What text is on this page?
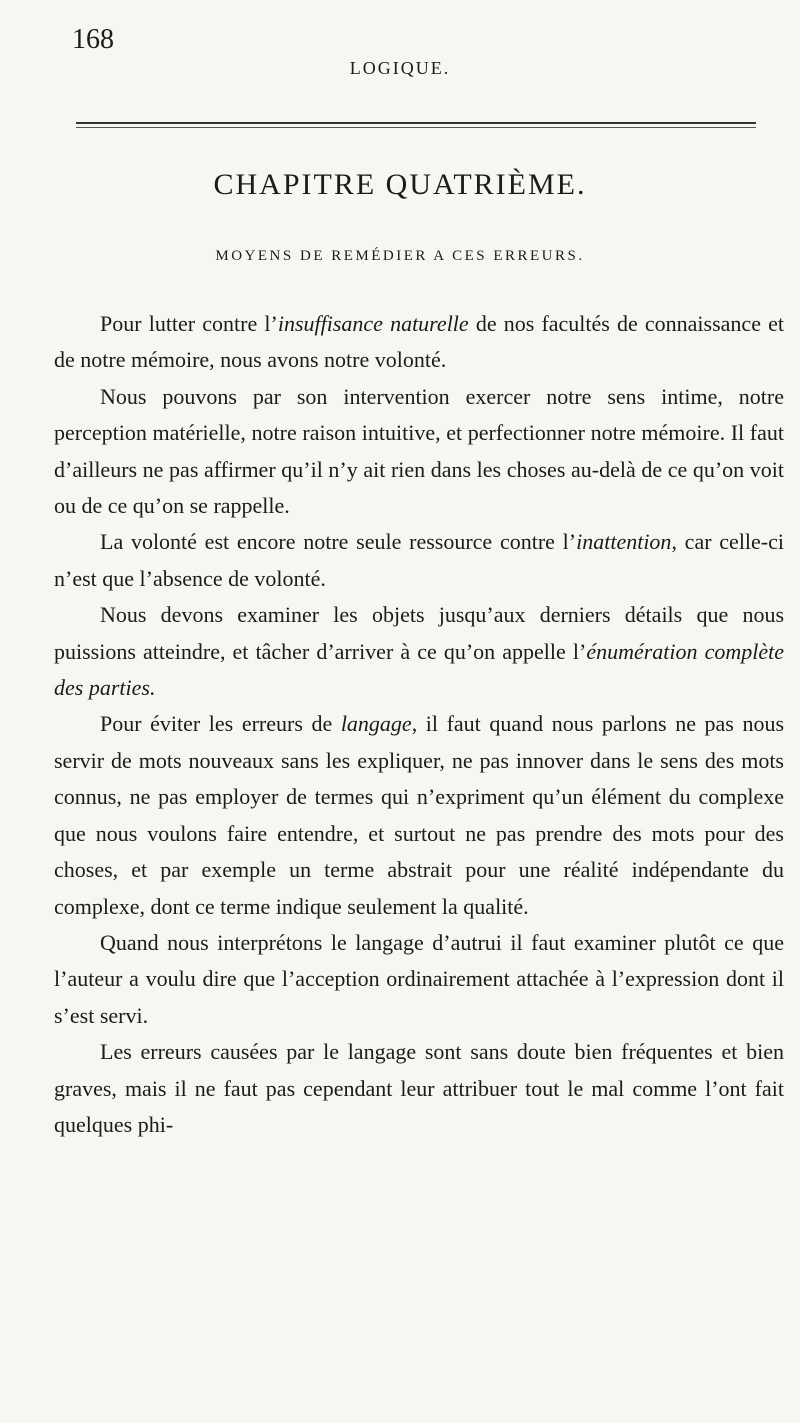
168
LOGIQUE.
CHAPITRE QUATRIÈME.
MOYENS DE REMÉDIER A CES ERREURS.

Pour lutter contre l’insuffisance naturelle de nos facultés de connaissance et de notre mémoire, nous avons notre volonté.

Nous pouvons par son intervention exercer notre sens intime, notre perception matérielle, notre raison intuitive, et perfectionner notre mémoire. Il faut d’ailleurs ne pas affirmer qu’il n’y ait rien dans les choses au-delà de ce qu’on voit ou de ce qu’on se rappelle.

La volonté est encore notre seule ressource contre l’inattention, car celle-ci n’est que l’absence de volonté.

Nous devons examiner les objets jusqu’aux derniers détails que nous puissions atteindre, et tâcher d’arriver à ce qu’on appelle l’énumération complète des parties.

Pour éviter les erreurs de langage, il faut quand nous parlons ne pas nous servir de mots nouveaux sans les expliquer, ne pas innover dans le sens des mots connus, ne pas employer de termes qui n’expriment qu’un élément du complexe que nous voulons faire entendre, et surtout ne pas prendre des mots pour des choses, et par exemple un terme abstrait pour une réalité indépendante du complexe, dont ce terme indique seulement la qualité.

Quand nous interprétons le langage d’autrui il faut examiner plutôt ce que l’auteur a voulu dire que l’acception ordinairement attachée à l’expression dont il s’est servi.

Les erreurs causées par le langage sont sans doute bien fréquentes et bien graves, mais il ne faut pas cependant leur attribuer tout le mal comme l’ont fait quelques phi-
